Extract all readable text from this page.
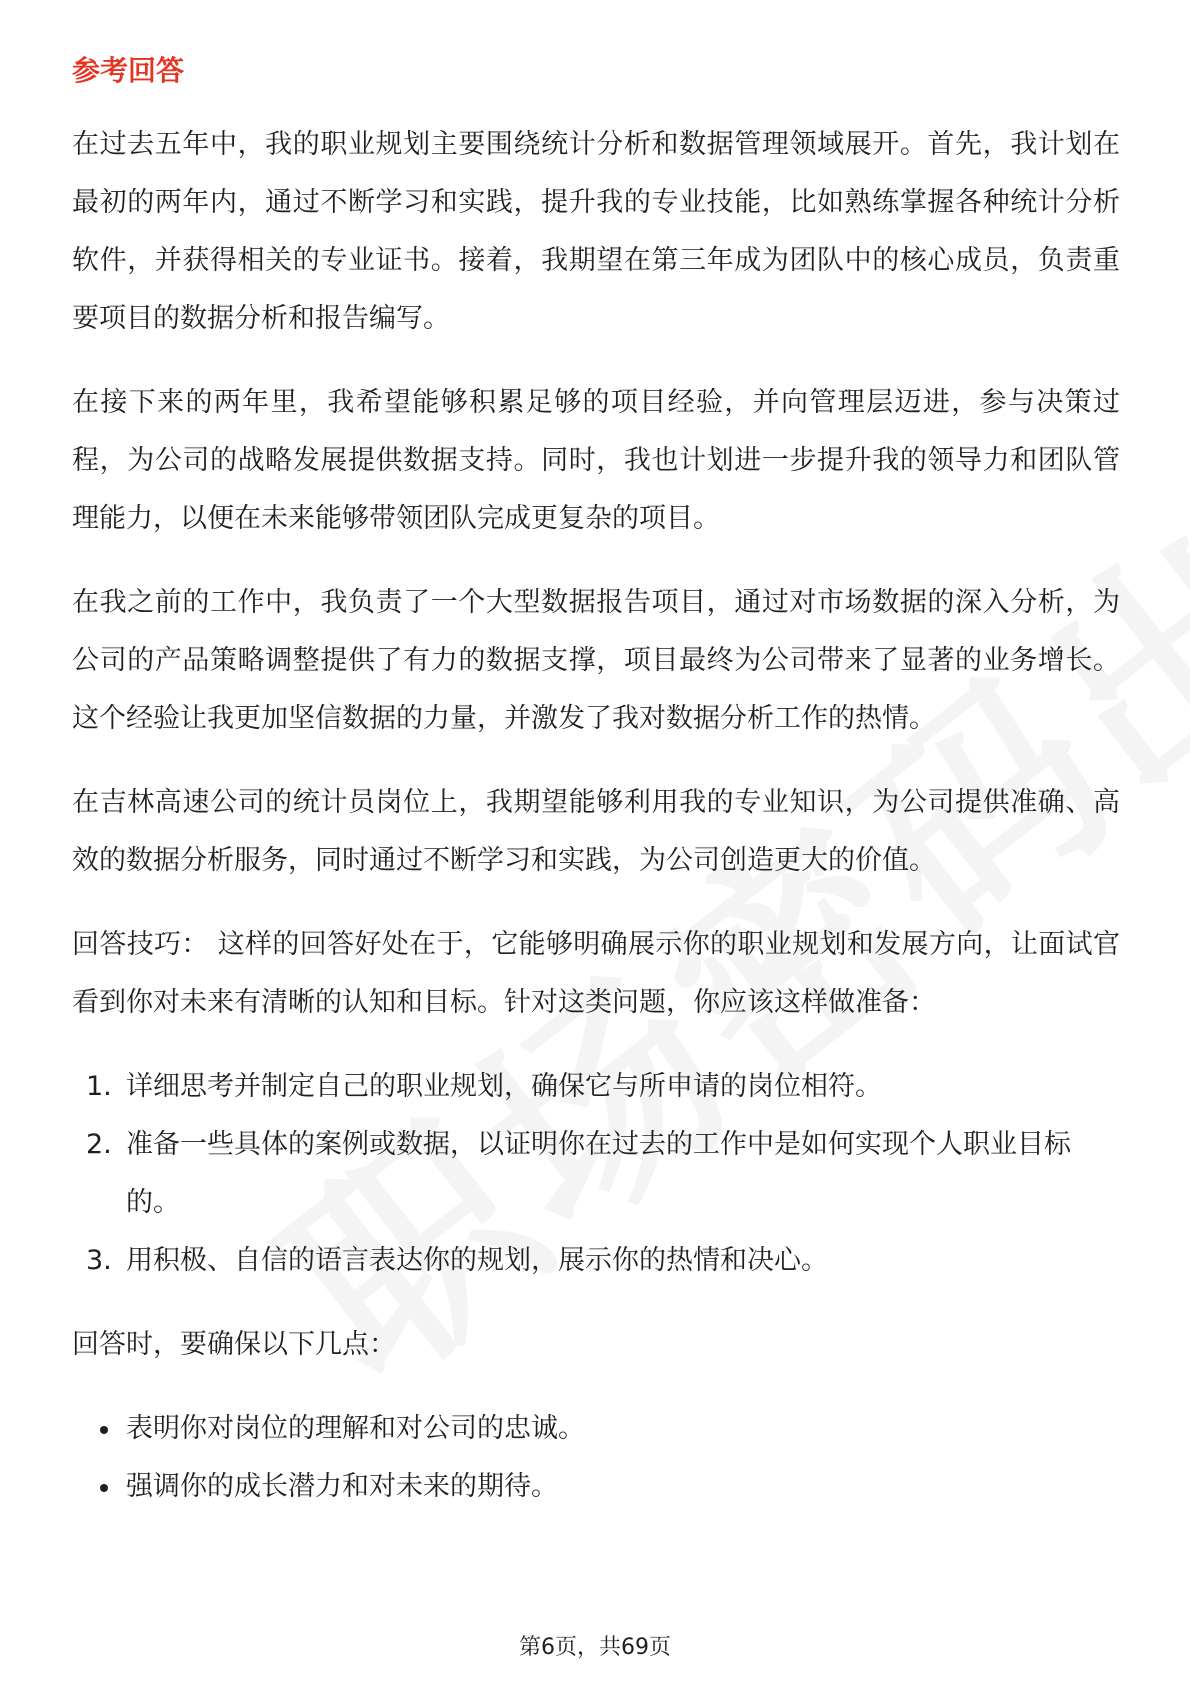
参考回答

在过去五年中，我的职业规划主要围绕统计分析和数据管理领域展开。首先，我计划在最初的两年内，通过不断学习和实践，提升我的专业技能，比如熟练掌握各种统计分析软件，并获得相关的专业证书。接着，我期望在第三年成为团队中的核心成员，负责重要项目的数据分析和报告编写。

在接下来的两年里，我希望能够积累足够的项目经验，并向管理层迈进，参与决策过程，为公司的战略发展提供数据支持。同时，我也计划进一步提升我的领导力和团队管理能力，以便在未来能够带领团队完成更复杂的项目。

在我之前的工作中，我负责了一个大型数据报告项目，通过对市场数据的深入分析，为公司的产品策略调整提供了有力的数据支撑，项目最终为公司带来了显著的业务增长。这个经验让我更加坚信数据的力量，并激发了我对数据分析工作的热情。

在吉林高速公司的统计员岗位上，我期望能够利用我的专业知识，为公司提供准确、高效的数据分析服务，同时通过不断学习和实践，为公司创造更大的价值。

回答技巧： 这样的回答好处在于，它能够明确展示你的职业规划和发展方向，让面试官看到你对未来有清晰的认知和目标。针对这类问题，你应该这样做准备：

1. 详细思考并制定自己的职业规划，确保它与所申请的岗位相符。
2. 准备一些具体的案例或数据，以证明你在过去的工作中是如何实现个人职业目标的。
3. 用积极、自信的语言表达你的规划，展示你的热情和决心。

回答时，要确保以下几点：

表明你对岗位的理解和对公司的忠诚。
强调你的成长潜力和对未来的期待。
第6页，共69页
